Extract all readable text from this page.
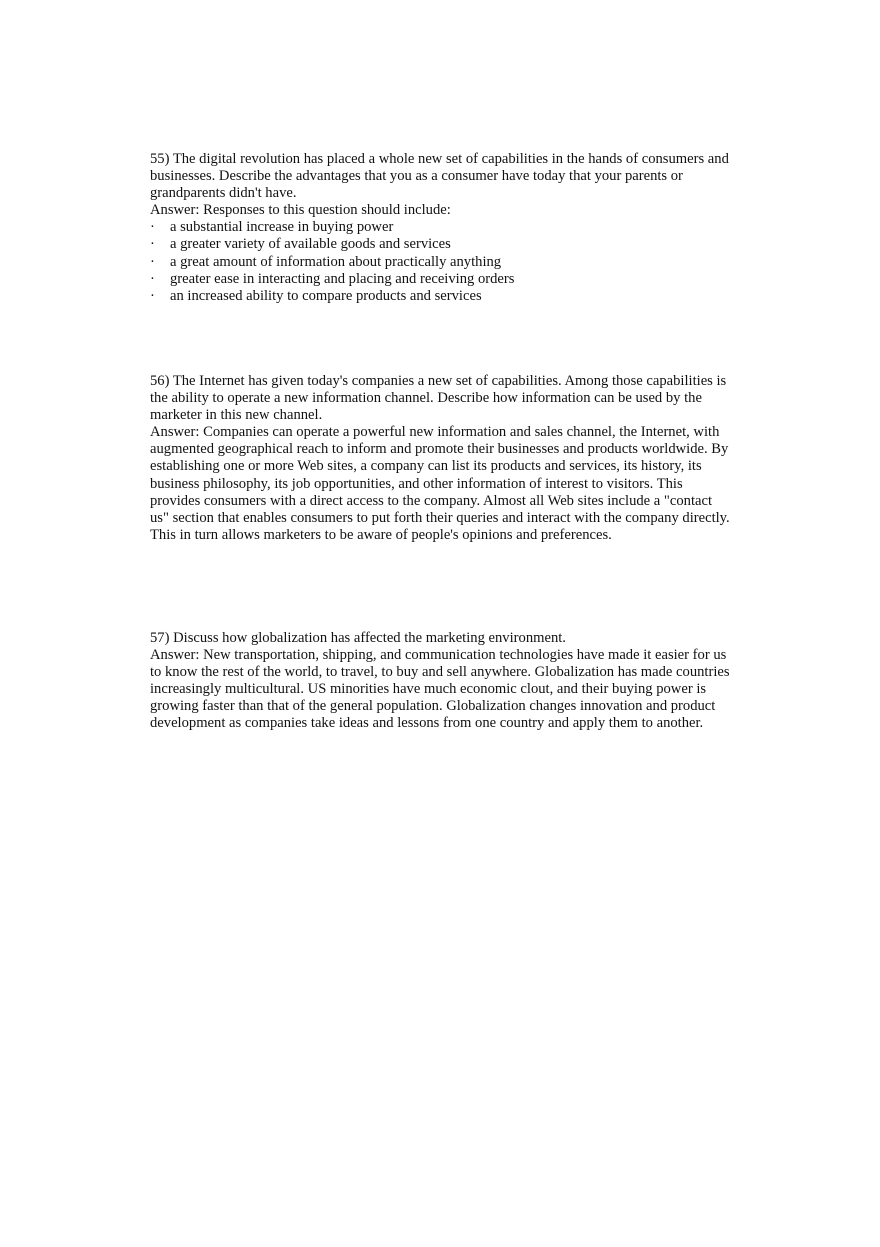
55) The digital revolution has placed a whole new set of capabilities in the hands of consumers and businesses. Describe the advantages that you as a consumer have today that your parents or grandparents didn't have.

Answer: Responses to this question should include:

·	a substantial increase in buying power
·	a greater variety of available goods and services
·	a great amount of information about practically anything
·	greater ease in interacting and placing and receiving orders
·	an increased ability to compare products and services

56) The Internet has given today's companies a new set of capabilities. Among those capabilities is the ability to operate a new information channel. Describe how information can be used by the marketer in this new channel.

Answer: Companies can operate a powerful new information and sales channel, the Internet, with augmented geographical reach to inform and promote their businesses and products worldwide. By establishing one or more Web sites, a company can list its products and services, its history, its business philosophy, its job opportunities, and other information of interest to visitors. This provides consumers with a direct access to the company. Almost all Web sites include a "contact us" section that enables consumers to put forth their queries and interact with the company directly. This in turn allows marketers to be aware of people's opinions and preferences.

57) Discuss how globalization has affected the marketing environment.

Answer: New transportation, shipping, and communication technologies have made it easier for us to know the rest of the world, to travel, to buy and sell anywhere. Globalization has made countries increasingly multicultural. US minorities have much economic clout, and their buying power is growing faster than that of the general population. Globalization changes innovation and product development as companies take ideas and lessons from one country and apply them to another.
